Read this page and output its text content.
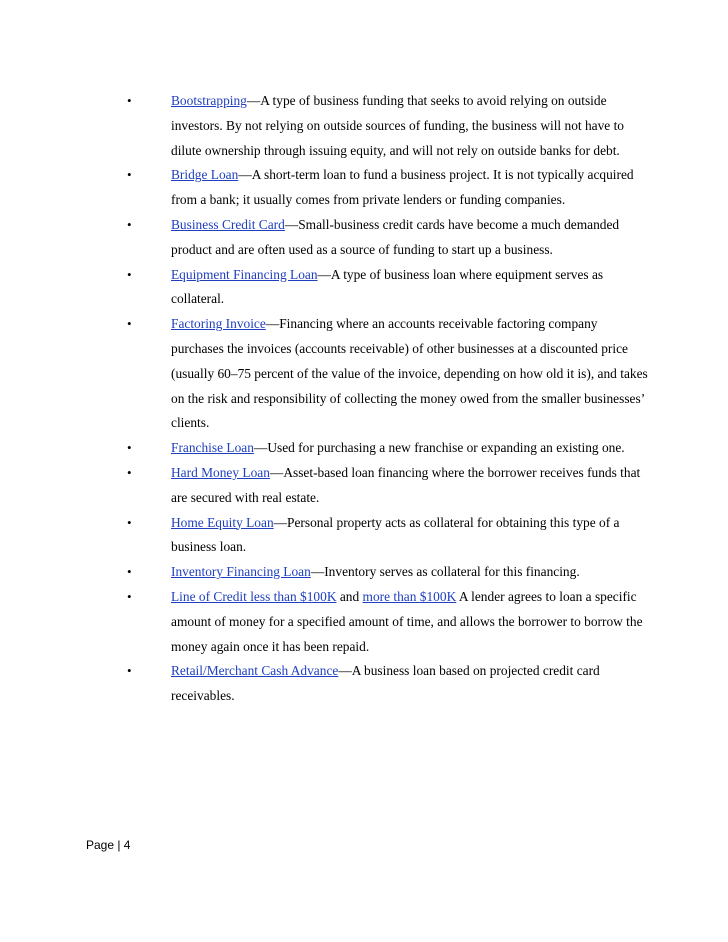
•	Bootstrapping—A type of business funding that seeks to avoid relying on outside investors. By not relying on outside sources of funding, the business will not have to dilute ownership through issuing equity, and will not rely on outside banks for debt.
•	Bridge Loan—A short-term loan to fund a business project. It is not typically acquired from a bank; it usually comes from private lenders or funding companies.
•	Business Credit Card—Small-business credit cards have become a much demanded product and are often used as a source of funding to start up a business.
•	Equipment Financing Loan—A type of business loan where equipment serves as collateral.
•	Factoring Invoice—Financing where an accounts receivable factoring company purchases the invoices (accounts receivable) of other businesses at a discounted price (usually 60–75 percent of the value of the invoice, depending on how old it is), and takes on the risk and responsibility of collecting the money owed from the smaller businesses’ clients.
•	Franchise Loan—Used for purchasing a new franchise or expanding an existing one.
•	Hard Money Loan—Asset-based loan financing where the borrower receives funds that are secured with real estate.
•	Home Equity Loan—Personal property acts as collateral for obtaining this type of a business loan.
•	Inventory Financing Loan—Inventory serves as collateral for this financing.
•	Line of Credit less than $100K and more than $100K A lender agrees to loan a specific amount of money for a specified amount of time, and allows the borrower to borrow the money again once it has been repaid.
•	Retail/Merchant Cash Advance—A business loan based on projected credit card receivables.
Page | 4
